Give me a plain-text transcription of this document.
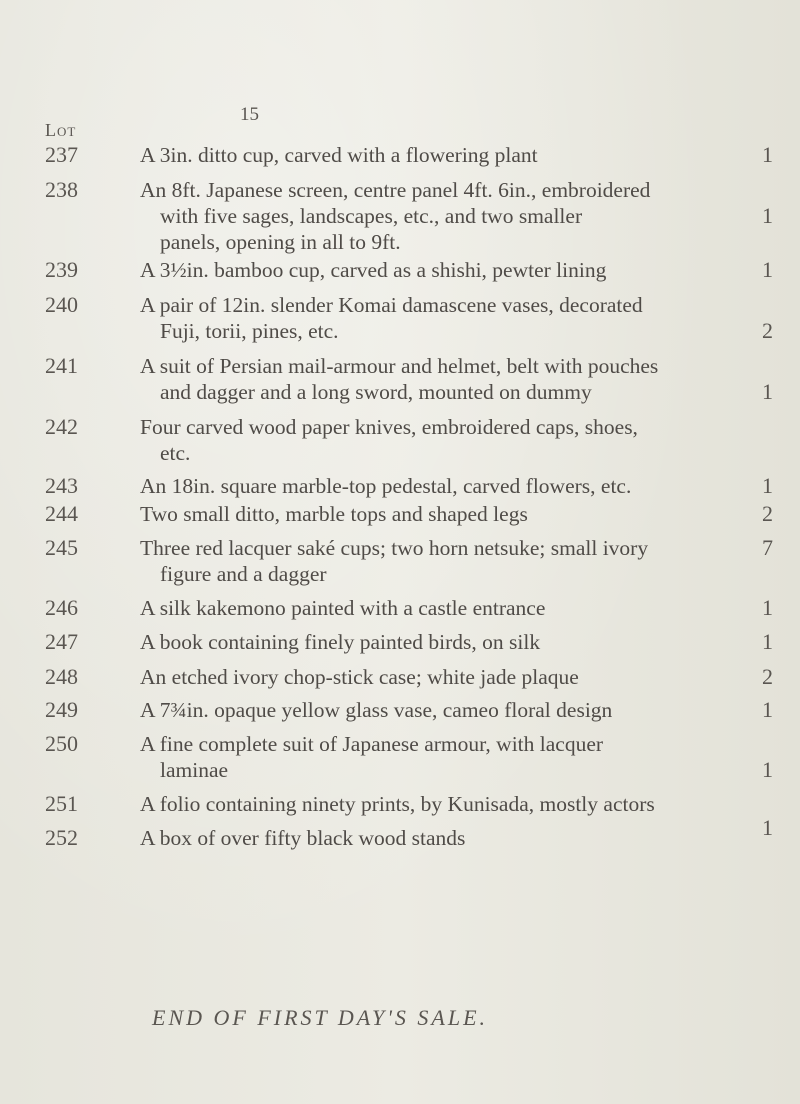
Lot
15
237	A 3in. ditto cup, carved with a flowering plant	1
238	An 8ft. Japanese screen, centre panel 4ft. 6in., embroidered
with five sages, landscapes, etc., and two smaller
panels, opening in all to 9ft.
1
239	A 3½in. bamboo cup, carved as a shishi, pewter lining	1
240	A pair of 12in. slender Komai damascene vases, decorated
Fuji, torii, pines, etc.	2
241	A suit of Persian mail-armour and helmet, belt with pouches
and dagger and a long sword, mounted on dummy	1
242	Four carved wood paper knives, embroidered caps, shoes,
etc.
243	An 18in. square marble-top pedestal, carved flowers, etc.	1
244	Two small ditto, marble tops and shaped legs	2
245	Three red lacquer saké cups; two horn netsuke; small ivory
figure and a dagger
7
246	A silk kakemono painted with a castle entrance	1
247	A book containing finely painted birds, on silk	1
248	An etched ivory chop-stick case; white jade plaque	2
249	A 7¾in. opaque yellow glass vase, cameo floral design	1
250	A fine complete suit of Japanese armour, with lacquer
laminae	1
251	A folio containing ninety prints, by Kunisada, mostly actors
252	A box of over fifty black wood stands	1
END OF FIRST DAY'S SALE.
